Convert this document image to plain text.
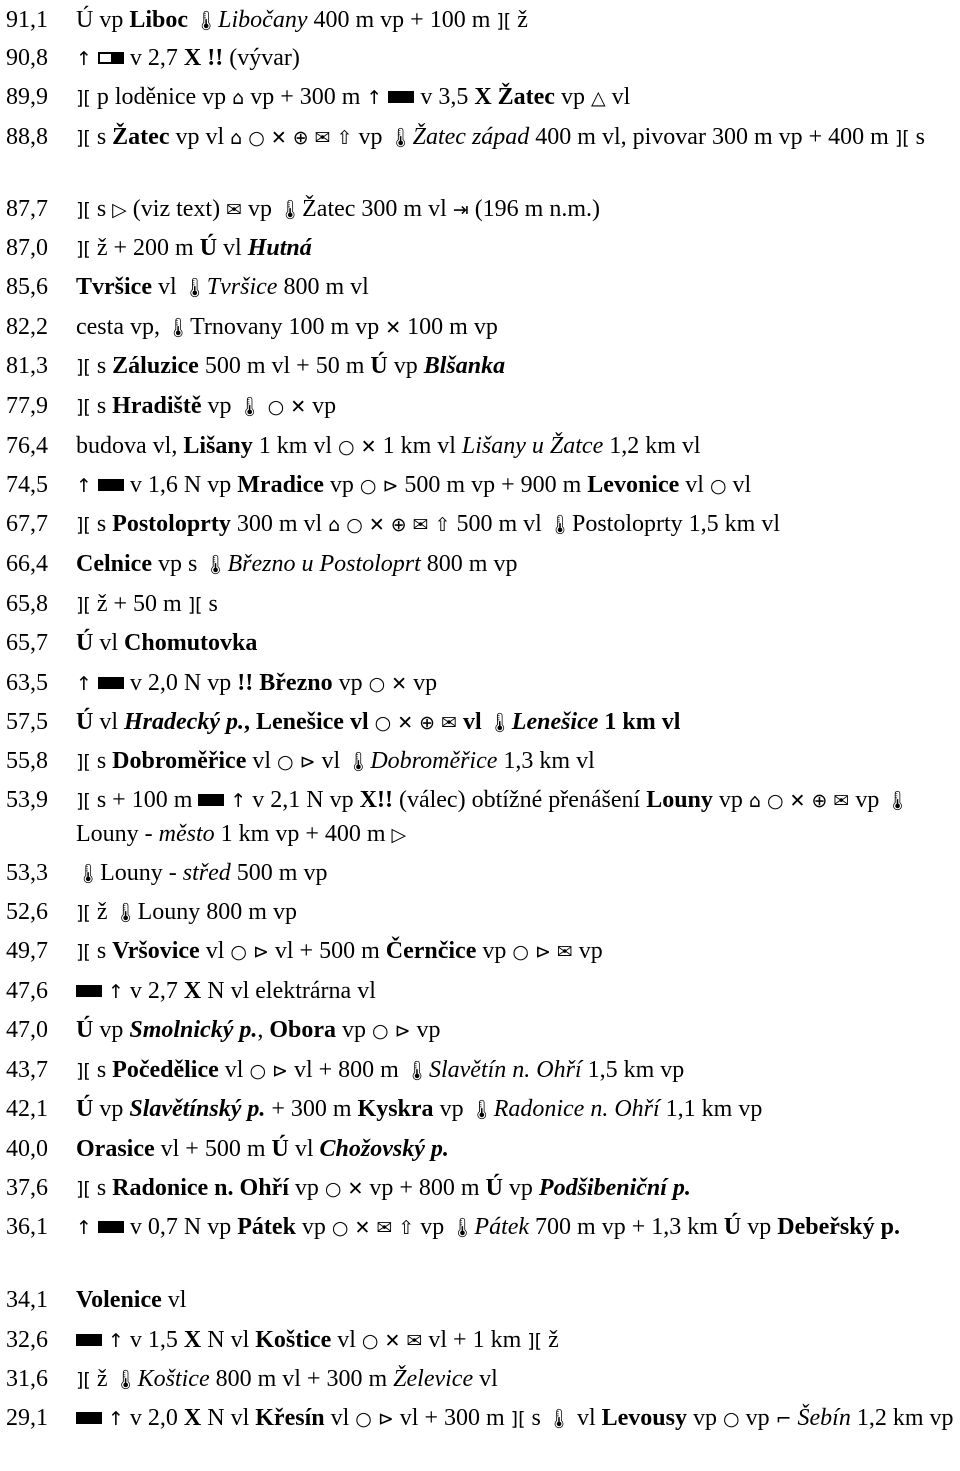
91,1 Ú vp Liboc 🌡Libočany 400 m vp + 100 m ][ ž
90,8 ↑  v 2,7 X !! (vývar)
89,9 ][ p loděnice vp ⌂ vp + 300 m ↑  v 3,5 X Žatec vp △ vl
88,8 ][ s Žatec vp vl ⌂ ○ ✕ ⊕ ✉ ⇧ vp 🌡Žatec západ 400 m vl, pivovar 300 m vp + 400 m ][ s
87,7 ][ s ▷ (viz text) ✉ vp 🌡Žatec 300 m vl ⇥ (196 m n.m.)
87,0 ][ ž + 200 m Ú vl Hutná
85,6 Tvršice vl 🌡Tvršice 800 m vl
82,2 cesta vp, 🌡Trnovany 100 m vp ✕ 100 m vp
81,3 ][ s Záluzice 500 m vl + 50 m Ú vp Blšanka
77,9 ][ s Hradiště vp 🌡 ○ ✕ vp
76,4 budova vl, Lišany 1 km vl ○ ✕ 1 km vl Lišany u Žatce 1,2 km vl
74,5 ↑  v 1,6 N vp Mradice vp ○ ⊳ 500 m vp + 900 m Levonice vl ○ vl
67,7 ][ s Postoloprty 300 m vl ⌂ ○ ✕ ⊕ ✉ ⇧ 500 m vl 🌡Postoloprty 1,5 km vl
66,4 Celnice vp s 🌡Březno u Postoloprt 800 m vp
65,8 ][ ž + 50 m ][ s
65,7 Ú vl Chomutovka
63,5 ↑  v 2,0 N vp !! Březno vp ○ ✕ vp
57,5 Ú vl Hradecký p., Lenešice vl ○ ✕ ⊕ ✉ vl 🌡Lenešice 1 km vl
55,8 ][ s Dobroměřice vl ○ ⊳ vl 🌡Dobroměřice 1,3 km vl
53,9 ][ s + 100 m  ↑ v 2,1 N vp X!! (válec) obtížné přenášení Louny vp ⌂ ○ ✕ ⊕ ✉ vp 🌡Louny - město 1 km vp + 400 m ▷
53,3 🌡Louny - střed 500 m vp
52,6 ][ ž 🌡Louny 800 m vp
49,7 ][ s Vršovice vl ○ ⊳ vl + 500 m Černčice vp ○ ⊳ ✉ vp
47,6	↑ v 2,7 X N vl elektrárna vl
47,0 Ú vp Smolnický p., Obora vp ○ ⊳ vp
43,7 ][ s Počedělice vl ○ ⊳ vl + 800 m 🌡Slavětín n. Ohří 1,5 km vp
42,1 Ú vp Slavětínský p. + 300 m Kyskra vp 🌡Radonice n. Ohří 1,1 km vp
40,0 Orasice vl + 500 m Ú vl Chožovský p.
37,6 ][ s Radonice n. Ohří vp ○ ✕ vp + 800 m Ú vp Podšibeniční p.
36,1 ↑  v 0,7 N vp Pátek vp ○ ✕ ✉ ⇧ vp 🌡Pátek 700 m vp + 1,3 km Ú vp Debeřský p.
34,1 Volenice vl
32,6	↑ v 1,5 X N vl Koštice vl ○ ✕ ✉ vl + 1 km ][ ž
31,6 ][ ž 🌡Koštice 800 m vl + 300 m Želevice vl
29,1	↑ v 2,0 X N vl Křesín vl ○ ⊳ vl + 300 m ][ s 🌡 vl Levousy vp ○ vp ⌐ Šebín 1,2 km vp
